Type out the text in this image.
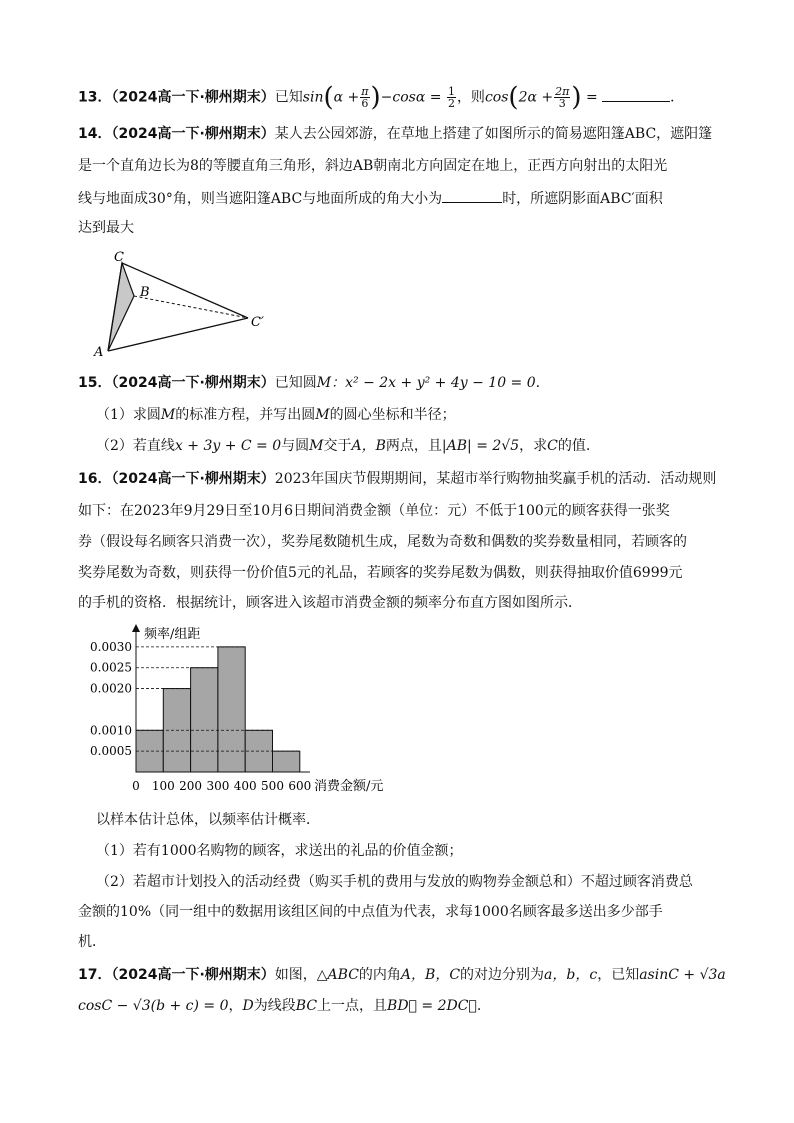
13．（2024高一下·柳州期末）已知$\sin(\alpha + \frac{\pi}{6} )-\cos\alpha = \frac{1}{2}$ ，则$\cos(2\alpha + \frac{2\pi}{3}$ ) =	．
14．（2024高一下·柳州期末）某人去公园郊游，在草地上搭建了如图所示的简易遮阳篷ABC，遮阳篷
是一个直角边长为8的等腰直角三角形，斜边AB朝南北方向固定在地上，正西方向射出的太阳光
线与地面成30°角，则当遮阳篷ABC与地面所成的角大小为	时，所遮阴影面ABC′面积
达到最大
C
B
A
C′
15．（2024高一下·柳州期末）已知圆M：x² − 2x + y² + 4y − 10 = 0.
（1）求圆M的标准方程，并写出圆M的圆心坐标和半径；
（2）若直线x + 3y + C = 0与圆M交于A，B两点，且|AB| = 2√5，求C的值.
16．（2024高一下·柳州期末）2023年国庆节假期期间，某超市举行购物抽奖赢手机的活动．活动规则
如下：在2023年9月29日至10月6日期间消费金额（单位：元）不低于100元的顾客获得一张奖
券（假设每名顾客只消费一次），奖券尾数随机生成，尾数为奇数和偶数的奖券数量相同，若顾客的
奖券尾数为奇数，则获得一份价值5元的礼品，若顾客的奖券尾数为偶数，则获得抽取价值6999元
的手机的资格．根据统计，顾客进入该超市消费金额的频率分布直方图如图所示．
频率/组距
消费金额/元
0.0005
0.0010
0.0020
0.0025
0.0030
0 100 200 300 400 500 600
以样本估计总体，以频率估计概率．
（1）若有1000名购物的顾客，求送出的礼品的价值金额；
（2）若超市计划投入的活动经费（购买手机的费用与发放的购物券金额总和）不超过顾客消费总
金额的10%（同一组中的数据用该组区间的中点值为代表，求每1000名顾客最多送出多少部手
机．
17．（2024高一下·柳州期末）如图，△ABC的内角A，B，C的对边分别为a，b，c，已知asinC + √3a
cosC − √3(b + c) = 0，D为线段BC上一点，且BD⃗ = 2DC⃗.
